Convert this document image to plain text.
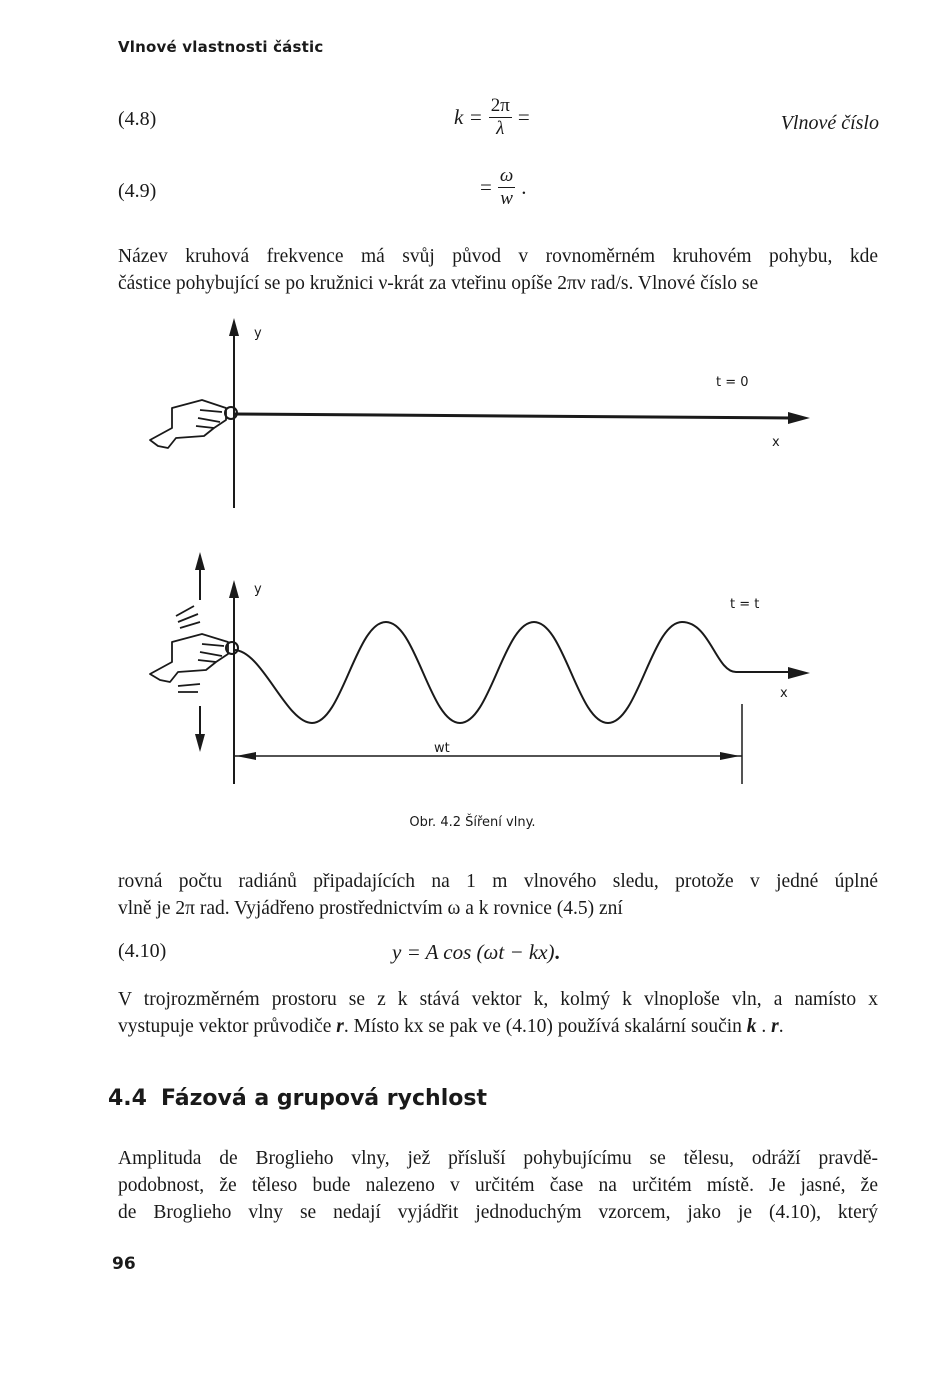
Vlnové vlastnosti částic
(4.8)	$k = \frac{2\pi}{\lambda}$ =	Vlnové číslo
(4.9)	= $\frac{\omega}{w}$ .
Název kruhová frekvence má svůj původ v rovnoměrném kruhovém pohybu, kde
částice pohybující se po kružnici ν-krát za vteřinu opíše 2πν rad/s. Vlnové číslo se
y
t = 0
x
y
t = t
x
wt
Obr. 4.2 Šíření vlny.
rovná počtu radiánů připadajících na 1 m vlnového sledu, protože v jedné úplné
vlně je 2π rad. Vyjádřeno prostřednictvím ω a k rovnice (4.5) zní
(4.10)	y = A cos (ωt − kx).
V trojrozměrném prostoru se z k stává vektor k, kolmý k vlnoploše vln, a namísto x
vystupuje vektor průvodiče r. Místo kx se pak ve (4.10) používá skalární součin k . r.
4.4 Fázová a grupová rychlost
Amplituda de Broglieho vlny, jež přísluší pohybujícímu se tělesu, odráží pravdě-
podobnost, že těleso bude nalezeno v určitém čase na určitém místě. Je jasné, že
de Broglieho vlny se nedají vyjádřit jednoduchým vzorcem, jako je (4.10), který
96
